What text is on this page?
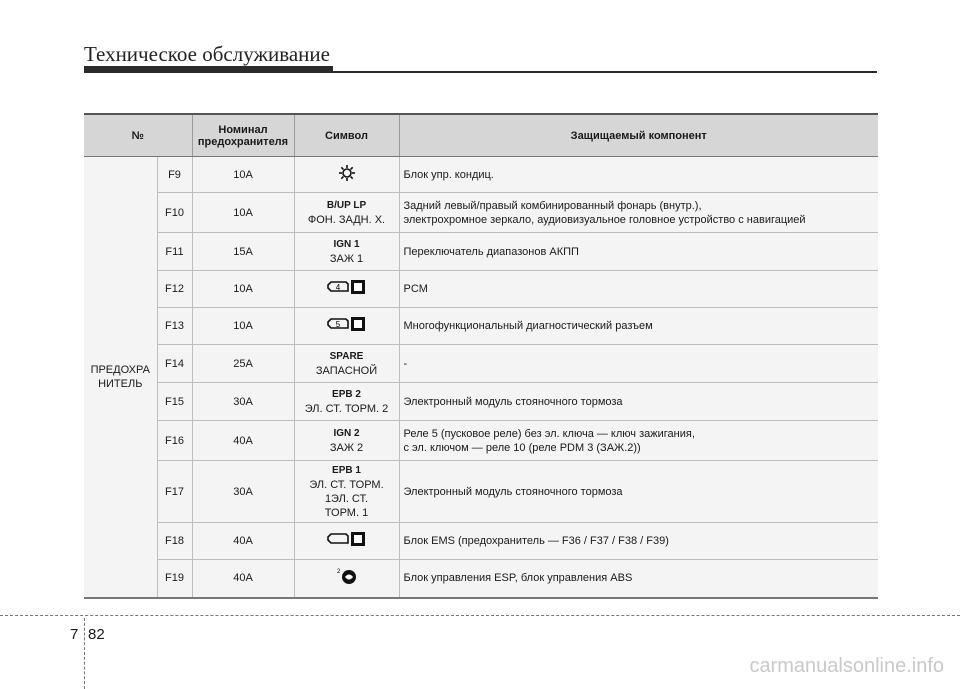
Техническое обслуживание
№		Номинал
предохранителя	Символ	Защищаемый компонент
ПРЕДОХРА
НИТЕЛЬ	F9	10A		Блок упр. кондиц.
	F10	10A	B/UP LP
ФОН. ЗАДН. Х.	Задний левый/правый комбинированный фонарь (внутр.),
электрохромное зеркало, аудиовизуальное головное устройство с навигацией
	F11	15A	IGN 1
ЗАЖ 1	Переключатель диапазонов АКПП
	F12	10A	4	PCM
	F13	10A	5	Многофункциональный диагностический разъем
	F14	25A	SPARE
ЗАПАСНОЙ	-
	F15	30A	EPB 2
ЭЛ. СТ. ТОРМ. 2	Электронный модуль стояночного тормоза
	F16	40A	IGN 2
ЗАЖ 2	Реле 5 (пусковое реле) без эл. ключа — ключ зажигания,
с эл. ключом — реле 10 (реле PDM 3 (ЗАЖ.2))
	F17	30A	EPB 1
ЭЛ. СТ. ТОРМ.
1ЭЛ. СТ.
ТОРМ. 1	Электронный модуль стояночного тормоза
	F18	40A		Блок EMS (предохранитель — F36 / F37 / F38 / F39)
	F19	40A	2	Блок управления ESP, блок управления ABS
7 82
carmanualsonline.info
